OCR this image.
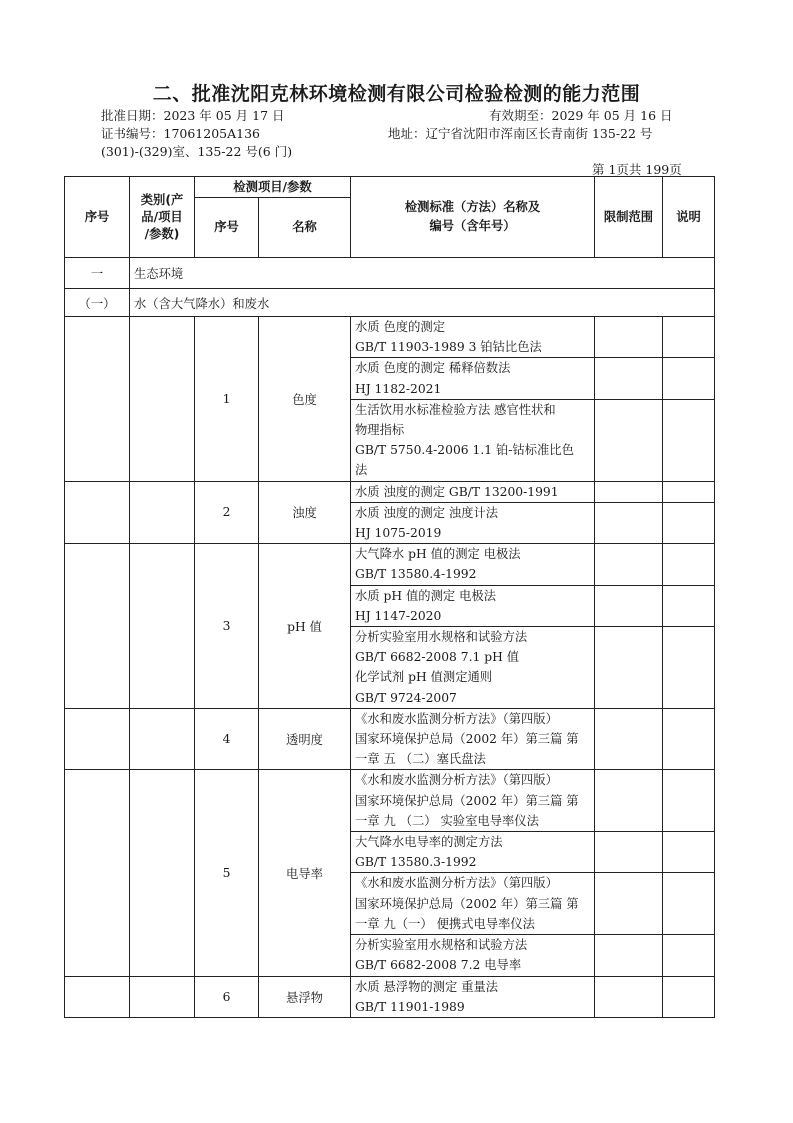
二、批准沈阳克林环境检测有限公司检验检测的能力范围
批准日期：2023 年 05 月 17 日	有效期至：2029 年 05 月 16 日
证书编号：17061205A136	地址：辽宁省沈阳市浑南区长青南街 135-22 号
(301)-(329)室、135-22 号(6 门)
第 1页共 199页
序号	类别(产
品/项目
/参数)	检测项目/参数		检测标准（方法）名称及
编号（含年号）	限制范围	说明
		序号	名称			
一	生态环境					
（一）	水（含大气降水）和废水					
		1	色度	水质 色度的测定
GB/T 11903-1989 3 铂钴比色法		
				水质 色度的测定 稀释倍数法
HJ 1182-2021		
				生活饮用水标准检验方法 感官性状和
物理指标
GB/T 5750.4-2006 1.1 铂-钴标准比色
法		
		2	浊度	水质 浊度的测定 GB/T 13200-1991		
				水质 浊度的测定 浊度计法
HJ 1075-2019		
		3	pH 值	大气降水 pH 值的测定 电极法
GB/T 13580.4-1992		
				水质 pH 值的测定 电极法
HJ 1147-2020		
				分析实验室用水规格和试验方法
GB/T 6682-2008 7.1 pH 值
化学试剂 pH 值测定通则
GB/T 9724-2007		
		4	透明度	《水和废水监测分析方法》（第四版）
国家环境保护总局（2002 年）第三篇 第
一章 五 （二）塞氏盘法		
		5	电导率	《水和废水监测分析方法》（第四版）
国家环境保护总局（2002 年）第三篇 第
一章 九 （二） 实验室电导率仪法		
				大气降水电导率的测定方法
GB/T 13580.3-1992		
				《水和废水监测分析方法》（第四版）
国家环境保护总局（2002 年）第三篇 第
一章 九（一） 便携式电导率仪法		
				分析实验室用水规格和试验方法
GB/T 6682-2008 7.2 电导率		
		6	悬浮物	水质 悬浮物的测定 重量法
GB/T 11901-1989		
